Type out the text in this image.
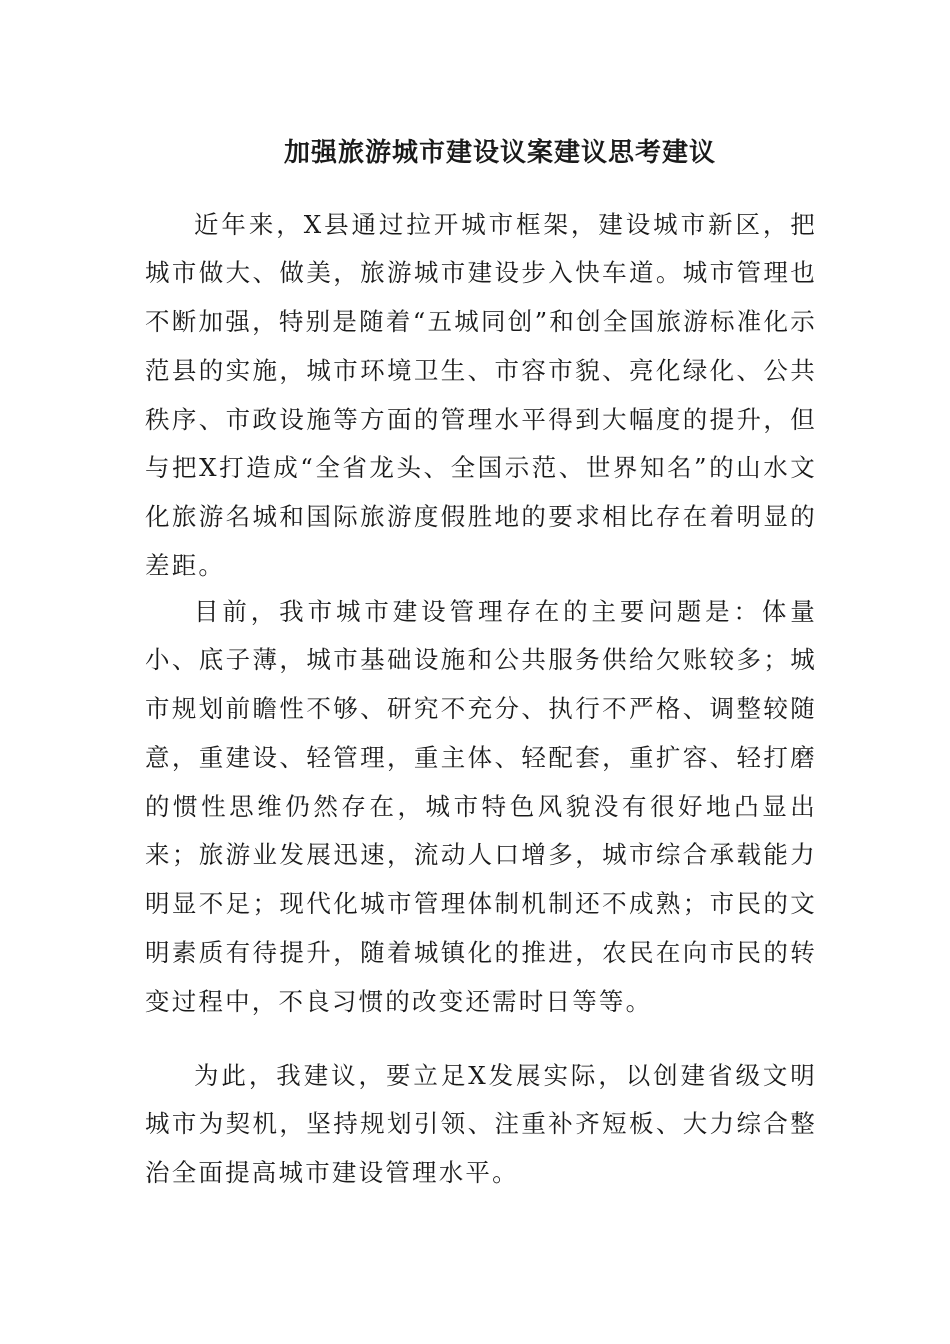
加强旅游城市建设议案建议思考建议

近年来，X县通过拉开城市框架，建设城市新区，把城市做大、做美，旅游城市建设步入快车道。城市管理也不断加强，特别是随着“五城同创”和创全国旅游标准化示范县的实施，城市环境卫生、市容市貌、亮化绿化、公共秩序、市政设施等方面的管理水平得到大幅度的提升，但与把X打造成“全省龙头、全国示范、世界知名”的山水文化旅游名城和国际旅游度假胜地的要求相比存在着明显的差距。

目前，我市城市建设管理存在的主要问题是：体量小、底子薄，城市基础设施和公共服务供给欠账较多；城市规划前瞻性不够、研究不充分、执行不严格、调整较随意，重建设、轻管理，重主体、轻配套，重扩容、轻打磨的惯性思维仍然存在，城市特色风貌没有很好地凸显出来；旅游业发展迅速，流动人口增多，城市综合承载能力明显不足；现代化城市管理体制机制还不成熟；市民的文明素质有待提升，随着城镇化的推进，农民在向市民的转变过程中，不良习惯的改变还需时日等等。

为此，我建议，要立足X发展实际，以创建省级文明城市为契机，坚持规划引领、注重补齐短板、大力综合整治全面提高城市建设管理水平。
